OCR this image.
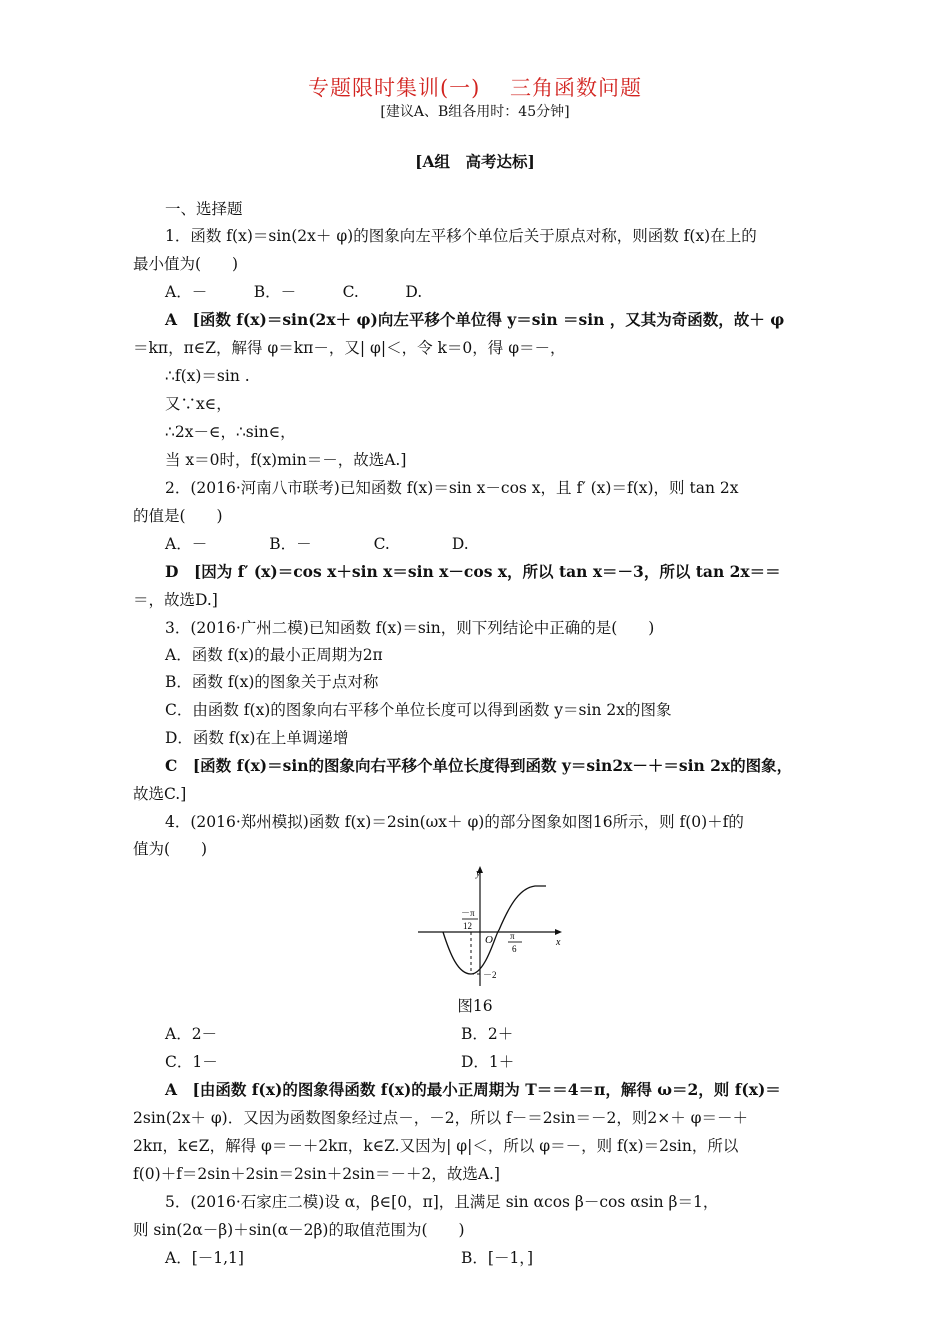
专题限时集训(一)　 三角函数问题
[建议A、B组各用时：45分钟]
[A组　高考达标]
一、选择题
1．函数 f(x)＝sin(2x＋ φ)的图象向左平移个单位后关于原点对称，则函数 f(x)在上的
最小值为(　　)
A．－　　　B．－　　　C.　　　D.
A　[函数 f(x)＝sin(2x＋ φ)向左平移个单位得 y＝sin ＝sin ，又其为奇函数，故＋ φ
＝kπ，π∈Z，解得 φ＝kπ－，又| φ|＜，令 k＝0，得 φ＝－，
∴f(x)＝sin .
又∵x∈，
∴2x－∈，∴sin∈，
当 x＝0时，f(x)min＝－，故选A.]
2．(2016·河南八市联考)已知函数 f(x)＝sin x－cos x，且 f′ (x)＝f(x)，则 tan 2x
的值是(　　)
A．－　　　　B．－　　　　C.　　　　D.
D　[因为 f′ (x)＝cos x＋sin x＝sin x－cos x，所以 tan x＝－3，所以 tan 2x＝＝
＝，故选D.]
3．(2016·广州二模)已知函数 f(x)＝sin，则下列结论中正确的是(　　)
A．函数 f(x)的最小正周期为2π
B．函数 f(x)的图象关于点对称
C．由函数 f(x)的图象向右平移个单位长度可以得到函数 y＝sin 2x的图象
D．函数 f(x)在上单调递增
C　[函数 f(x)＝sin的图象向右平移个单位长度得到函数 y＝sin2x－＋＝sin 2x的图象，
故选C.]
4．(2016·郑州模拟)函数 f(x)＝2sin(ωx＋ φ)的部分图象如图16所示，则 f(0)＋f的
值为(　　)
y
x
O
－π
12
π
6
－2
图16
A．2－	B．2＋
C．1－	D．1＋
A　[由函数 f(x)的图象得函数 f(x)的最小正周期为 T＝＝4＝π，解得 ω＝2，则 f(x)＝
2sin(2x＋ φ)．又因为函数图象经过点－，－2，所以 f－＝2sin＝－2，则2×＋ φ＝－＋
2kπ，k∈Z，解得 φ＝－＋2kπ，k∈Z.又因为| φ|＜，所以 φ＝－，则 f(x)＝2sin，所以
f(0)＋f＝2sin＋2sin＝2sin＋2sin＝－＋2，故选A.]
5．(2016·石家庄二模)设 α，β∈[0，π]，且满足 sin αcos β－cos αsin β＝1，
则 sin(2α－β)＋sin(α－2β)的取值范围为(　　)
A．[－1,1]	B．[－1，]
